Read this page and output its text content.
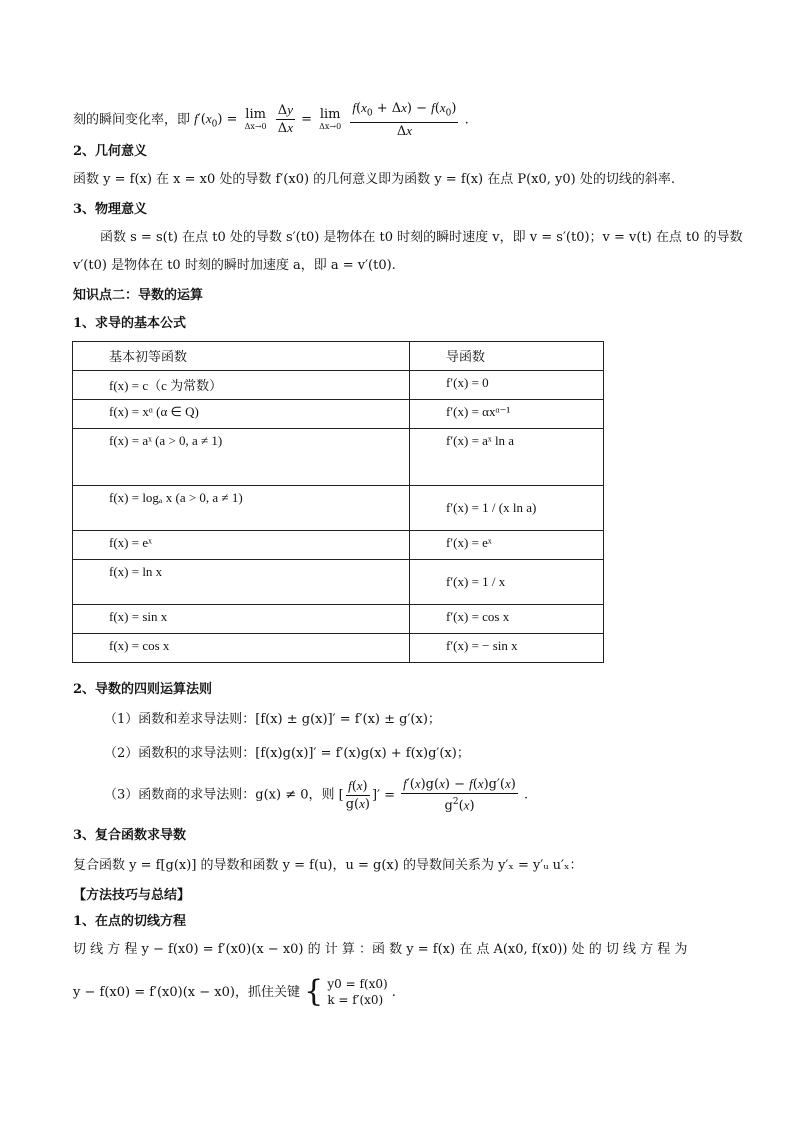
刻的瞬间变化率，即 $f'(x_0) = \lim$
Δx→0
$\frac{\Delta y}{\Delta x} = \lim$
Δx→0
$\frac{f(x_0 + \Delta x) - f(x_0)}{\Delta x}$ .
2、几何意义
函数 y = f(x) 在 x = x0 处的导数 f′(x0) 的几何意义即为函数 y = f(x) 在点 P(x0, y0) 处的切线的斜率.
3、物理意义
函数 s = s(t) 在点 t0 处的导数 s′(t0) 是物体在 t0 时刻的瞬时速度 v，即 v = s′(t0)；v = v(t) 在点 t0 的导数
v′(t0) 是物体在 t0 时刻的瞬时加速度 a，即 a = v′(t0).
知识点二：导数的运算
1、求导的基本公式
基本初等函数	导函数
f(x) = c（c 为常数）	f′(x) = 0
f(x) = xᵅ (α ∈ Q)	f′(x) = αxᵅ⁻¹
f(x) = aˣ (a > 0, a ≠ 1)	f′(x) = aˣ ln a
f(x) = logₐ x (a > 0, a ≠ 1)	f′(x) = 1 / (x ln a)
f(x) = eˣ	f′(x) = eˣ
f(x) = ln x	f′(x) = 1 / x
f(x) = sin x	f′(x) = cos x
f(x) = cos x	f′(x) = − sin x
2、导数的四则运算法则
（1）函数和差求导法则：[f(x) ± g(x)]′ = f′(x) ± g′(x)；
（2）函数积的求导法则：[f(x)g(x)]′ = f′(x)g(x) + f(x)g′(x)；
（3）函数商的求导法则：g(x) ≠ 0，则 [ $\frac{f(x)}{g(x)}$ ]′ = $\frac{f'(x)g(x) - f(x)g'(x)}{g^2(x)}$ .
3、复合函数求导数
复合函数 y = f[g(x)] 的导数和函数 y = f(u)，u = g(x) 的导数间关系为 y′ₓ = y′ᵤ u′ₓ：
【方法技巧与总结】
1、在点的切线方程
切 线 方 程 y − f(x0) = f′(x0)(x − x0) 的 计 算 ：函 数 y = f(x) 在 点 A(x0, f(x0)) 处 的 切 线 方 程 为
y − f(x0) = f′(x0)(x − x0)，抓住关键 { y0 = f(x0)
k = f′(x0)
.
